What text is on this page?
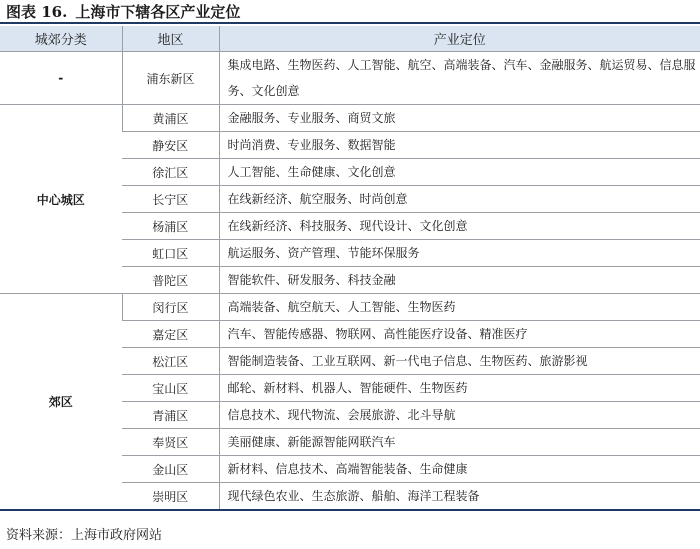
图表 16. 上海市下辖各区产业定位
城郊分类	地区	产业定位
-	浦东新区	集成电路、生物医药、人工智能、航空、高端装备、汽车、金融服务、航运贸易、信息服务、文化创意
中心城区	黄浦区	金融服务、专业服务、商贸文旅
	静安区	时尚消费、专业服务、数据智能
	徐汇区	人工智能、生命健康、文化创意
	长宁区	在线新经济、航空服务、时尚创意
	杨浦区	在线新经济、科技服务、现代设计、文化创意
	虹口区	航运服务、资产管理、节能环保服务
	普陀区	智能软件、研发服务、科技金融
郊区	闵行区	高端装备、航空航天、人工智能、生物医药
	嘉定区	汽车、智能传感器、物联网、高性能医疗设备、精准医疗
	松江区	智能制造装备、工业互联网、新一代电子信息、生物医药、旅游影视
	宝山区	邮轮、新材料、机器人、智能硬件、生物医药
	青浦区	信息技术、现代物流、会展旅游、北斗导航
	奉贤区	美丽健康、新能源智能网联汽车
	金山区	新材料、信息技术、高端智能装备、生命健康
	崇明区	现代绿色农业、生态旅游、船舶、海洋工程装备
资料来源：上海市政府网站
